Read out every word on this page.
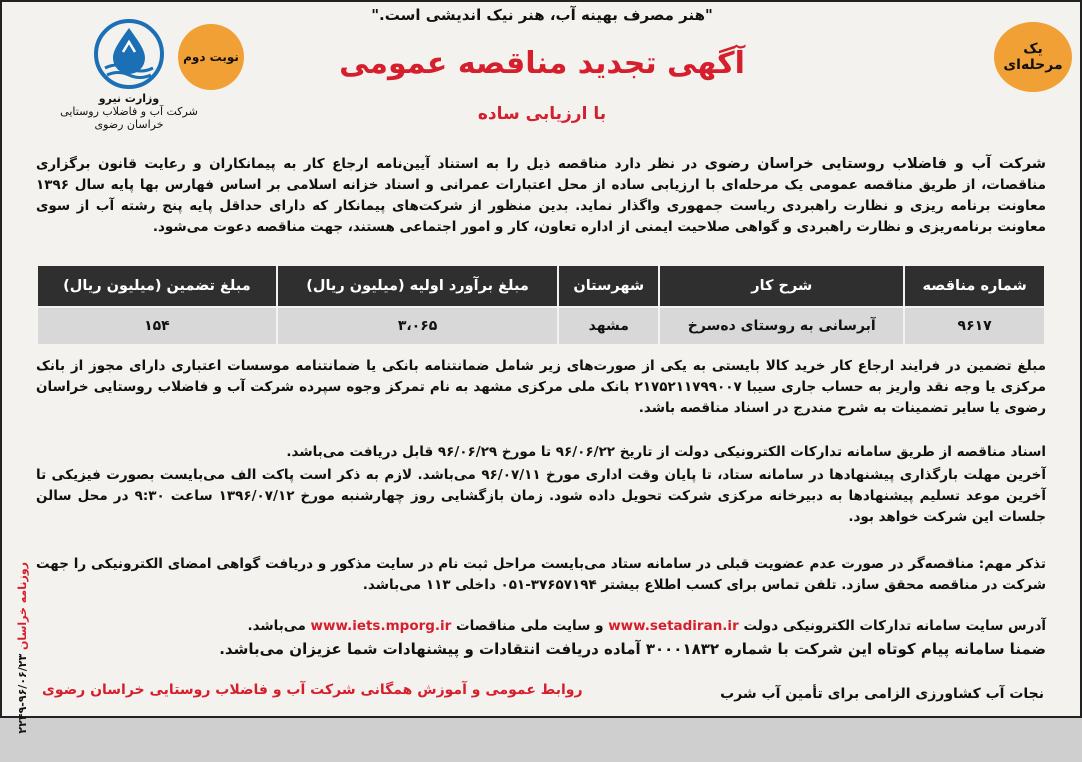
"هنر مصرف بهینه آب، هنر نیک اندیشی است."
آگهی تجدید مناقصه عمومی
با ارزیابی ساده
وزارت نیرو
شرکت آب و فاضلاب روستایی خراسان رضوی
نوبت دوم	یک مرحله‌ای
شرکت آب و فاضلاب روستایی خراسان رضوی در نظر دارد مناقصه ذیل را به استناد آیین‌نامه ارجاع کار به پیمانکاران و رعایت قانون برگزاری مناقصات، از طریق مناقصه عمومی یک مرحله‌ای با ارزیابی ساده از محل اعتبارات عمرانی و اسناد خزانه اسلامی بر اساس فهارس بها پایه سال ۱۳۹۶ معاونت برنامه ریزی و نظارت راهبردی ریاست جمهوری واگذار نماید. بدین منظور از شرکت‌های پیمانکار که دارای حداقل پایه پنج رشته آب از سوی معاونت برنامه‌ریزی و نظارت راهبردی و گواهی صلاحیت ایمنی از اداره تعاون، کار و امور اجتماعی هستند، جهت مناقصه دعوت می‌شود.
شماره مناقصه	شرح کار	شهرستان	مبلغ برآورد اولیه (میلیون ریال)	مبلغ تضمین (میلیون ریال)
۹۶۱۷	آبرسانی به روستای ده‌سرخ	مشهد	۳،۰۶۵	۱۵۴
مبلغ تضمین در فرایند ارجاع کار خرید کالا بایستی به یکی از صورت‌های زیر شامل ضمانتنامه بانکی یا ضمانتنامه موسسات اعتباری دارای مجوز از بانک مرکزی یا وجه نقد واریز به حساب جاری سیبا ۲۱۷۵۲۱۱۷۹۹۰۰۷ بانک ملی مرکزی مشهد به نام تمرکز وجوه سپرده شرکت آب و فاضلاب روستایی خراسان رضوی یا سایر تضمینات به شرح مندرج در اسناد مناقصه باشد.
اسناد مناقصه از طریق سامانه تدارکات الکترونیکی دولت از تاریخ ۹۶/۰۶/۲۲ تا مورخ ۹۶/۰۶/۲۹ قابل دریافت می‌باشد.
آخرین مهلت بارگذاری پیشنهادها در سامانه ستاد، تا پایان وقت اداری مورخ ۹۶/۰۷/۱۱ می‌باشد. لازم به ذکر است پاکت الف می‌بایست بصورت فیزیکی تا آخرین موعد تسلیم پیشنهادها به دبیرخانه مرکزی شرکت تحویل داده شود. زمان بازگشایی روز چهارشنبه مورخ ۱۳۹۶/۰۷/۱۲ ساعت ۹:۳۰ در محل سالن جلسات این شرکت خواهد بود.
تذکر مهم: مناقصه‌گر در صورت عدم عضویت قبلی در سامانه ستاد می‌بایست مراحل ثبت نام در سایت مذکور و دریافت گواهی امضای الکترونیکی را جهت شرکت در مناقصه محقق سازد. تلفن تماس برای کسب اطلاع بیشتر ۳۷۶۵۷۱۹۴-۰۵۱ داخلی ۱۱۳ می‌باشد.
آدرس سایت سامانه تدارکات الکترونیکی دولت www.setadiran.ir و سایت ملی مناقصات www.iets.mporg.ir می‌باشد.
ضمنا سامانه پیام کوتاه این شرکت با شماره ۳۰۰۰۱۸۳۲ آماده دریافت انتقادات و پیشنهادات شما عزیزان می‌باشد.
نجات آب کشاورزی الزامی برای تأمین آب شرب
روابط عمومی و آموزش همگانی شرکت آب و فاضلاب روستایی خراسان رضوی
روزنامه خراسان ۹۶/۰۶/۲۳-۲۲۴۹
